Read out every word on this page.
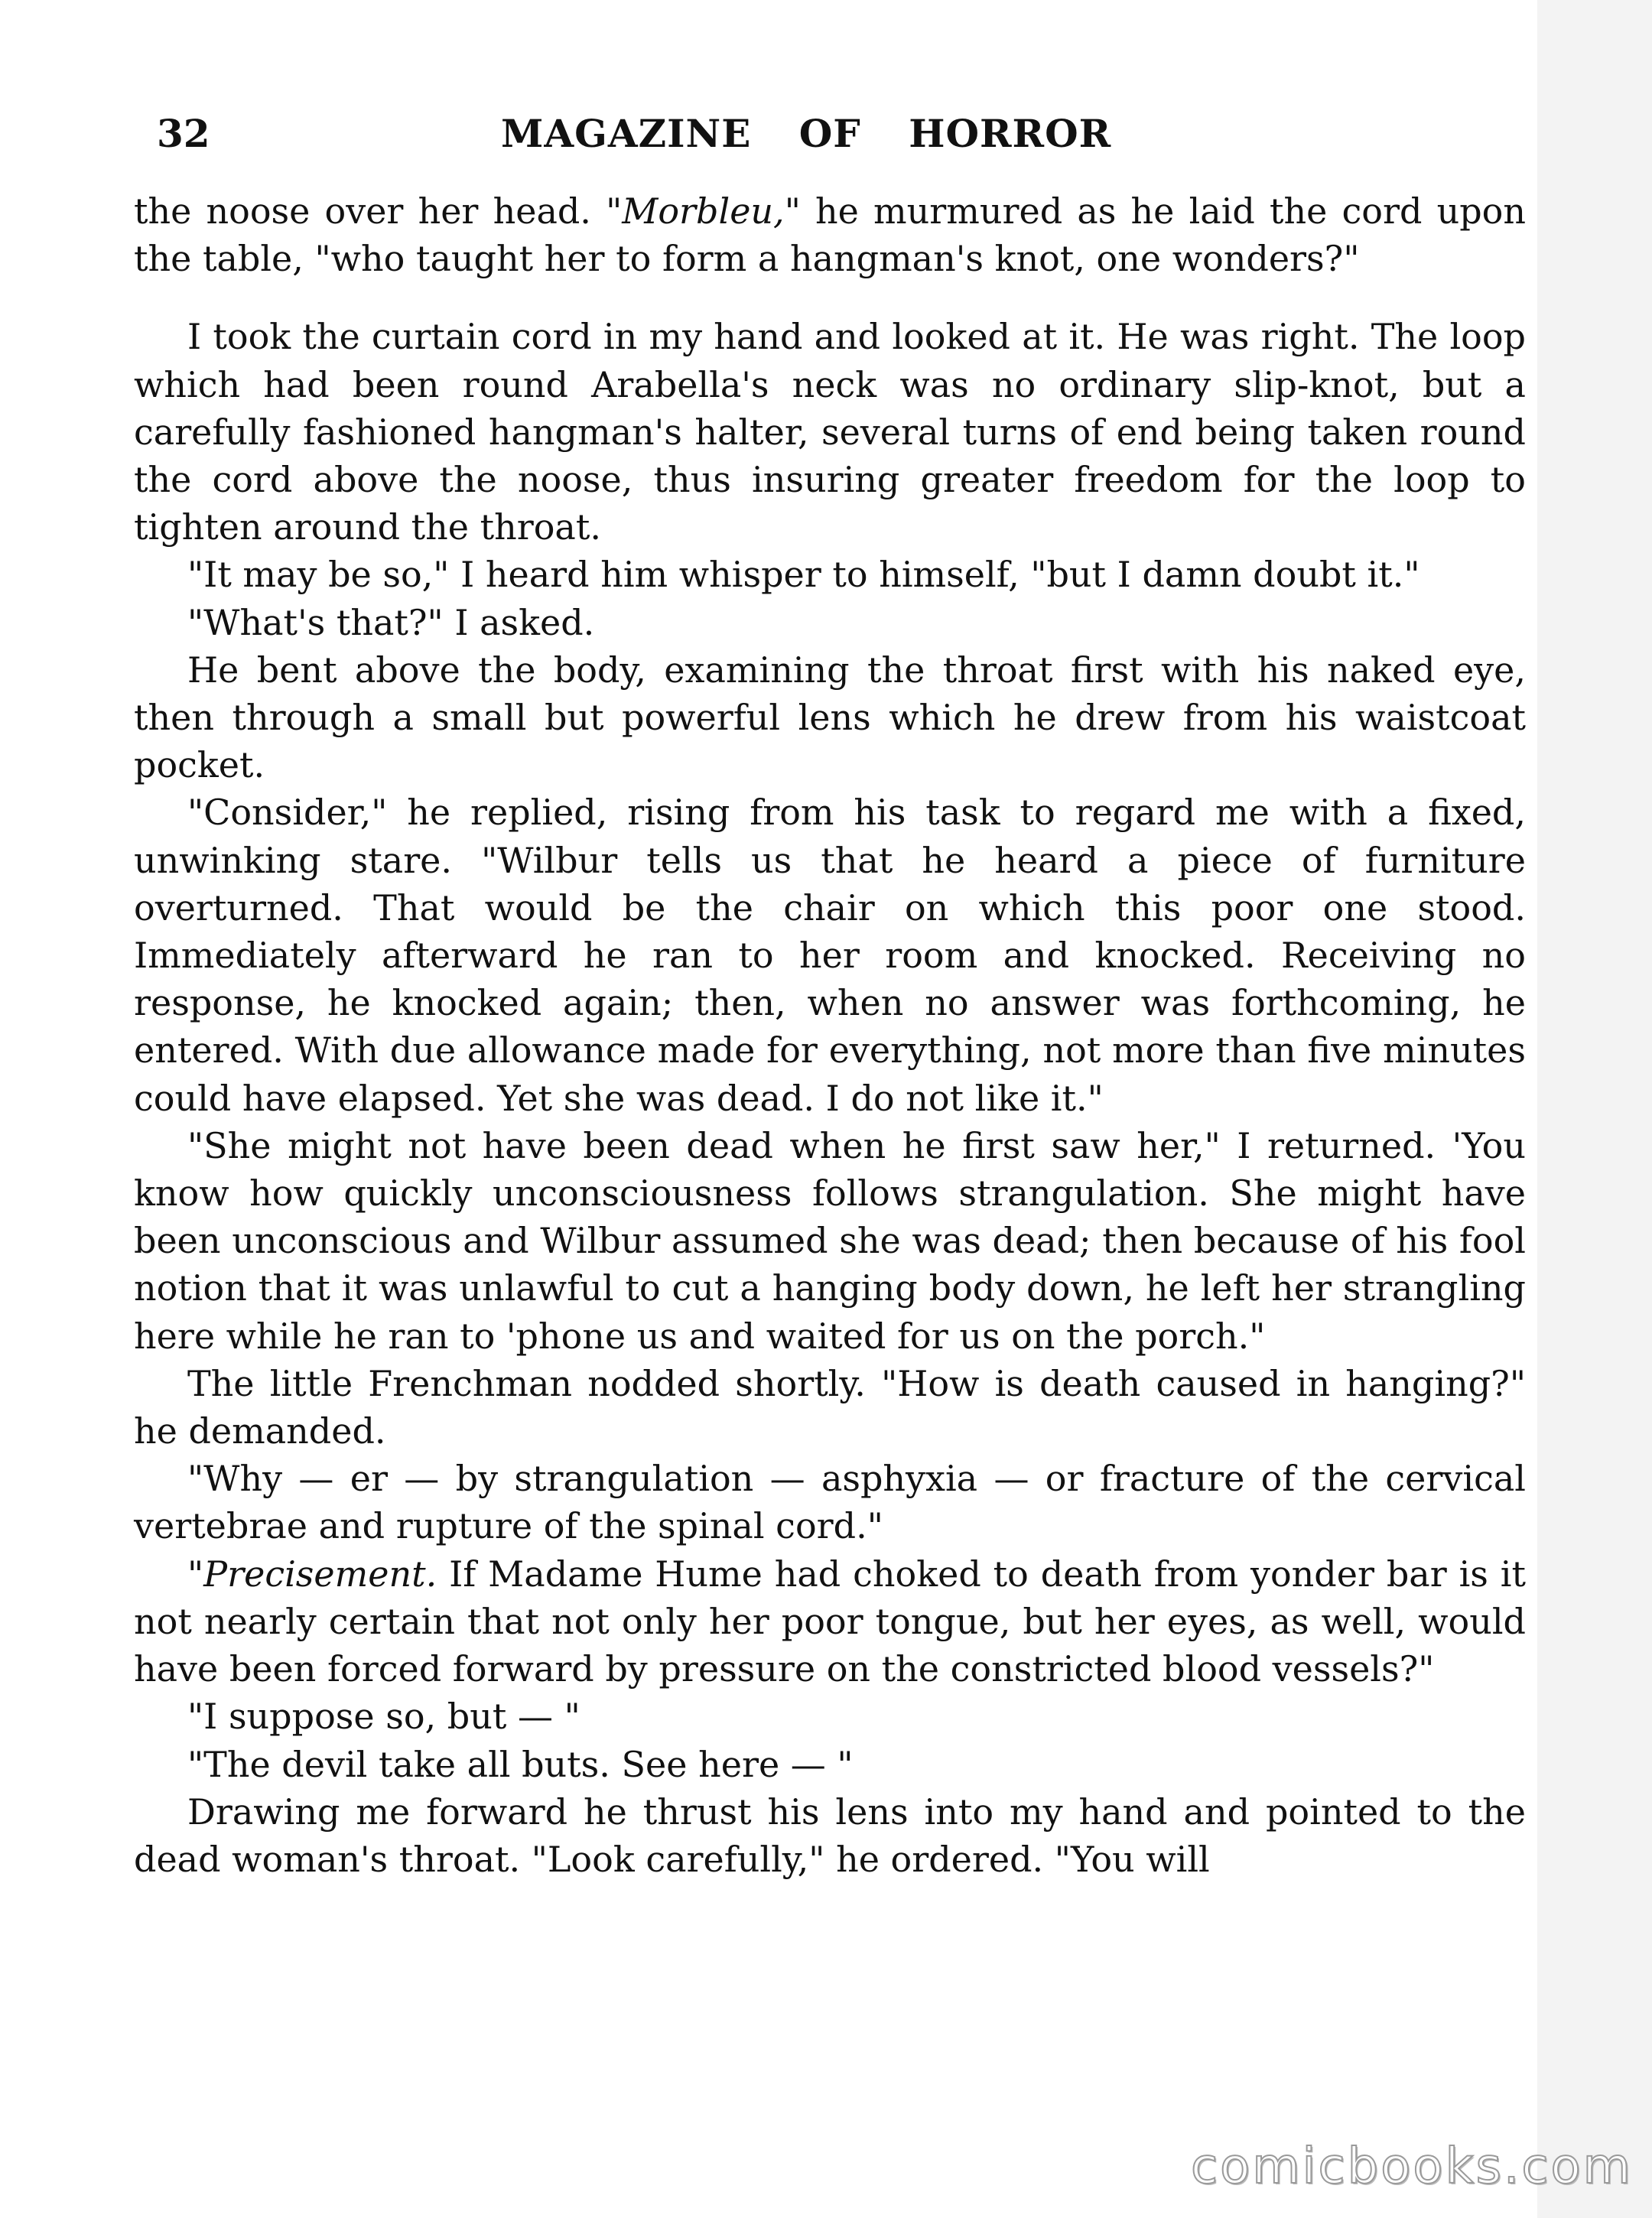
32	MAGAZINE OF HORROR

the noose over her head. "Morbleu," he murmured as he laid the cord upon the table, "who taught her to form a hangman's knot, one wonders?"

I took the curtain cord in my hand and looked at it. He was right. The loop which had been round Arabella's neck was no ordinary slip-knot, but a carefully fashioned hangman's halter, several turns of end being taken round the cord above the noose, thus insuring greater freedom for the loop to tighten around the throat.

"It may be so," I heard him whisper to himself, "but I damn doubt it."

"What's that?" I asked.

He bent above the body, examining the throat first with his naked eye, then through a small but powerful lens which he drew from his waistcoat pocket.

"Consider," he replied, rising from his task to regard me with a fixed, unwinking stare. "Wilbur tells us that he heard a piece of furniture overturned. That would be the chair on which this poor one stood. Immediately afterward he ran to her room and knocked. Receiving no response, he knocked again; then, when no answer was forthcoming, he entered. With due allowance made for everything, not more than five minutes could have elapsed. Yet she was dead. I do not like it."

"She might not have been dead when he first saw her," I returned. 'You know how quickly unconsciousness follows strangulation. She might have been unconscious and Wilbur assumed she was dead; then because of his fool notion that it was unlawful to cut a hanging body down, he left her strangling here while he ran to 'phone us and waited for us on the porch."

The little Frenchman nodded shortly. "How is death caused in hanging?" he demanded.

"Why — er — by strangulation — asphyxia — or fracture of the cervical vertebrae and rupture of the spinal cord."

"Precisement. If Madame Hume had choked to death from yonder bar is it not nearly certain that not only her poor tongue, but her eyes, as well, would have been forced forward by pressure on the constricted blood vessels?"

"I suppose so, but — "

"The devil take all buts. See here — "

Drawing me forward he thrust his lens into my hand and pointed to the dead woman's throat. "Look carefully," he ordered. "You will

comicbooks.com
